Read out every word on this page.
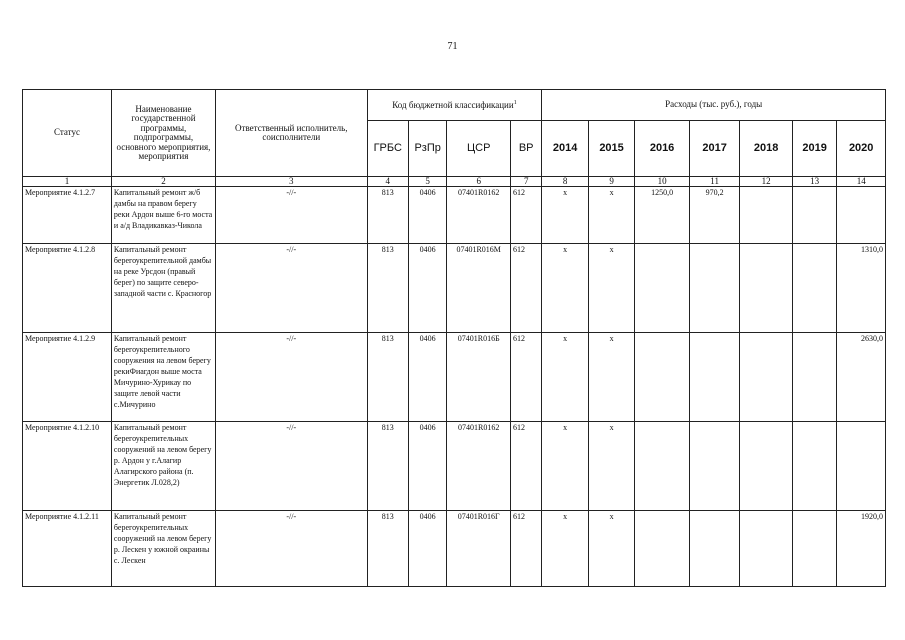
71
Статус	Наименование государственной программы, подпрограммы, основного мероприятия, мероприятия	Ответственный исполнитель, соисполнители	Код бюджетной классификации$^1$				Расходы (тыс. руб.), годы						
			ГРБС	РзПр	ЦСР	ВР	2014	2015	2016	2017	2018	2019	2020
1	2	3	4	5	6	7	8	9	10	11	12	13	14
Мероприятие 4.1.2.7	Капитальный ремонт ж/б дамбы на правом берегу реки Ардон выше 6-го моста и а/д Владикавказ-Чикола	-//-	813	0406	07401R0162	612	х	х	1250,0	970,2			
Мероприятие 4.1.2.8	Капитальный ремонт берегоукрепительной дамбы на реке Урсдон (правый берег) по защите северо-западной части с. Красногор	-//-	813	0406	07401R016М	612	х	х					1310,0
Мероприятие 4.1.2.9	Капитальный ремонт берегоукрепительного сооружения на левом берегу рекиФиагдон выше моста Мичурино-Хурикау по защите левой части с.Мичурино	-//-	813	0406	07401R016Б	612	х	х					2630,0
Мероприятие 4.1.2.10	Капитальный ремонт берегоукрепительных сооружений на левом берегу р. Ардон у г.Алагир Алагирского района (п. Энергетик Л.028,2)	-//-	813	0406	07401R0162	612	х	х					
Мероприятие 4.1.2.11	Капитальный ремонт берегоукрепительных сооружений на левом берегу р. Лескен у южной окраины с. Лескен	-//-	813	0406	07401R016Г	612	х	х					1920,0
